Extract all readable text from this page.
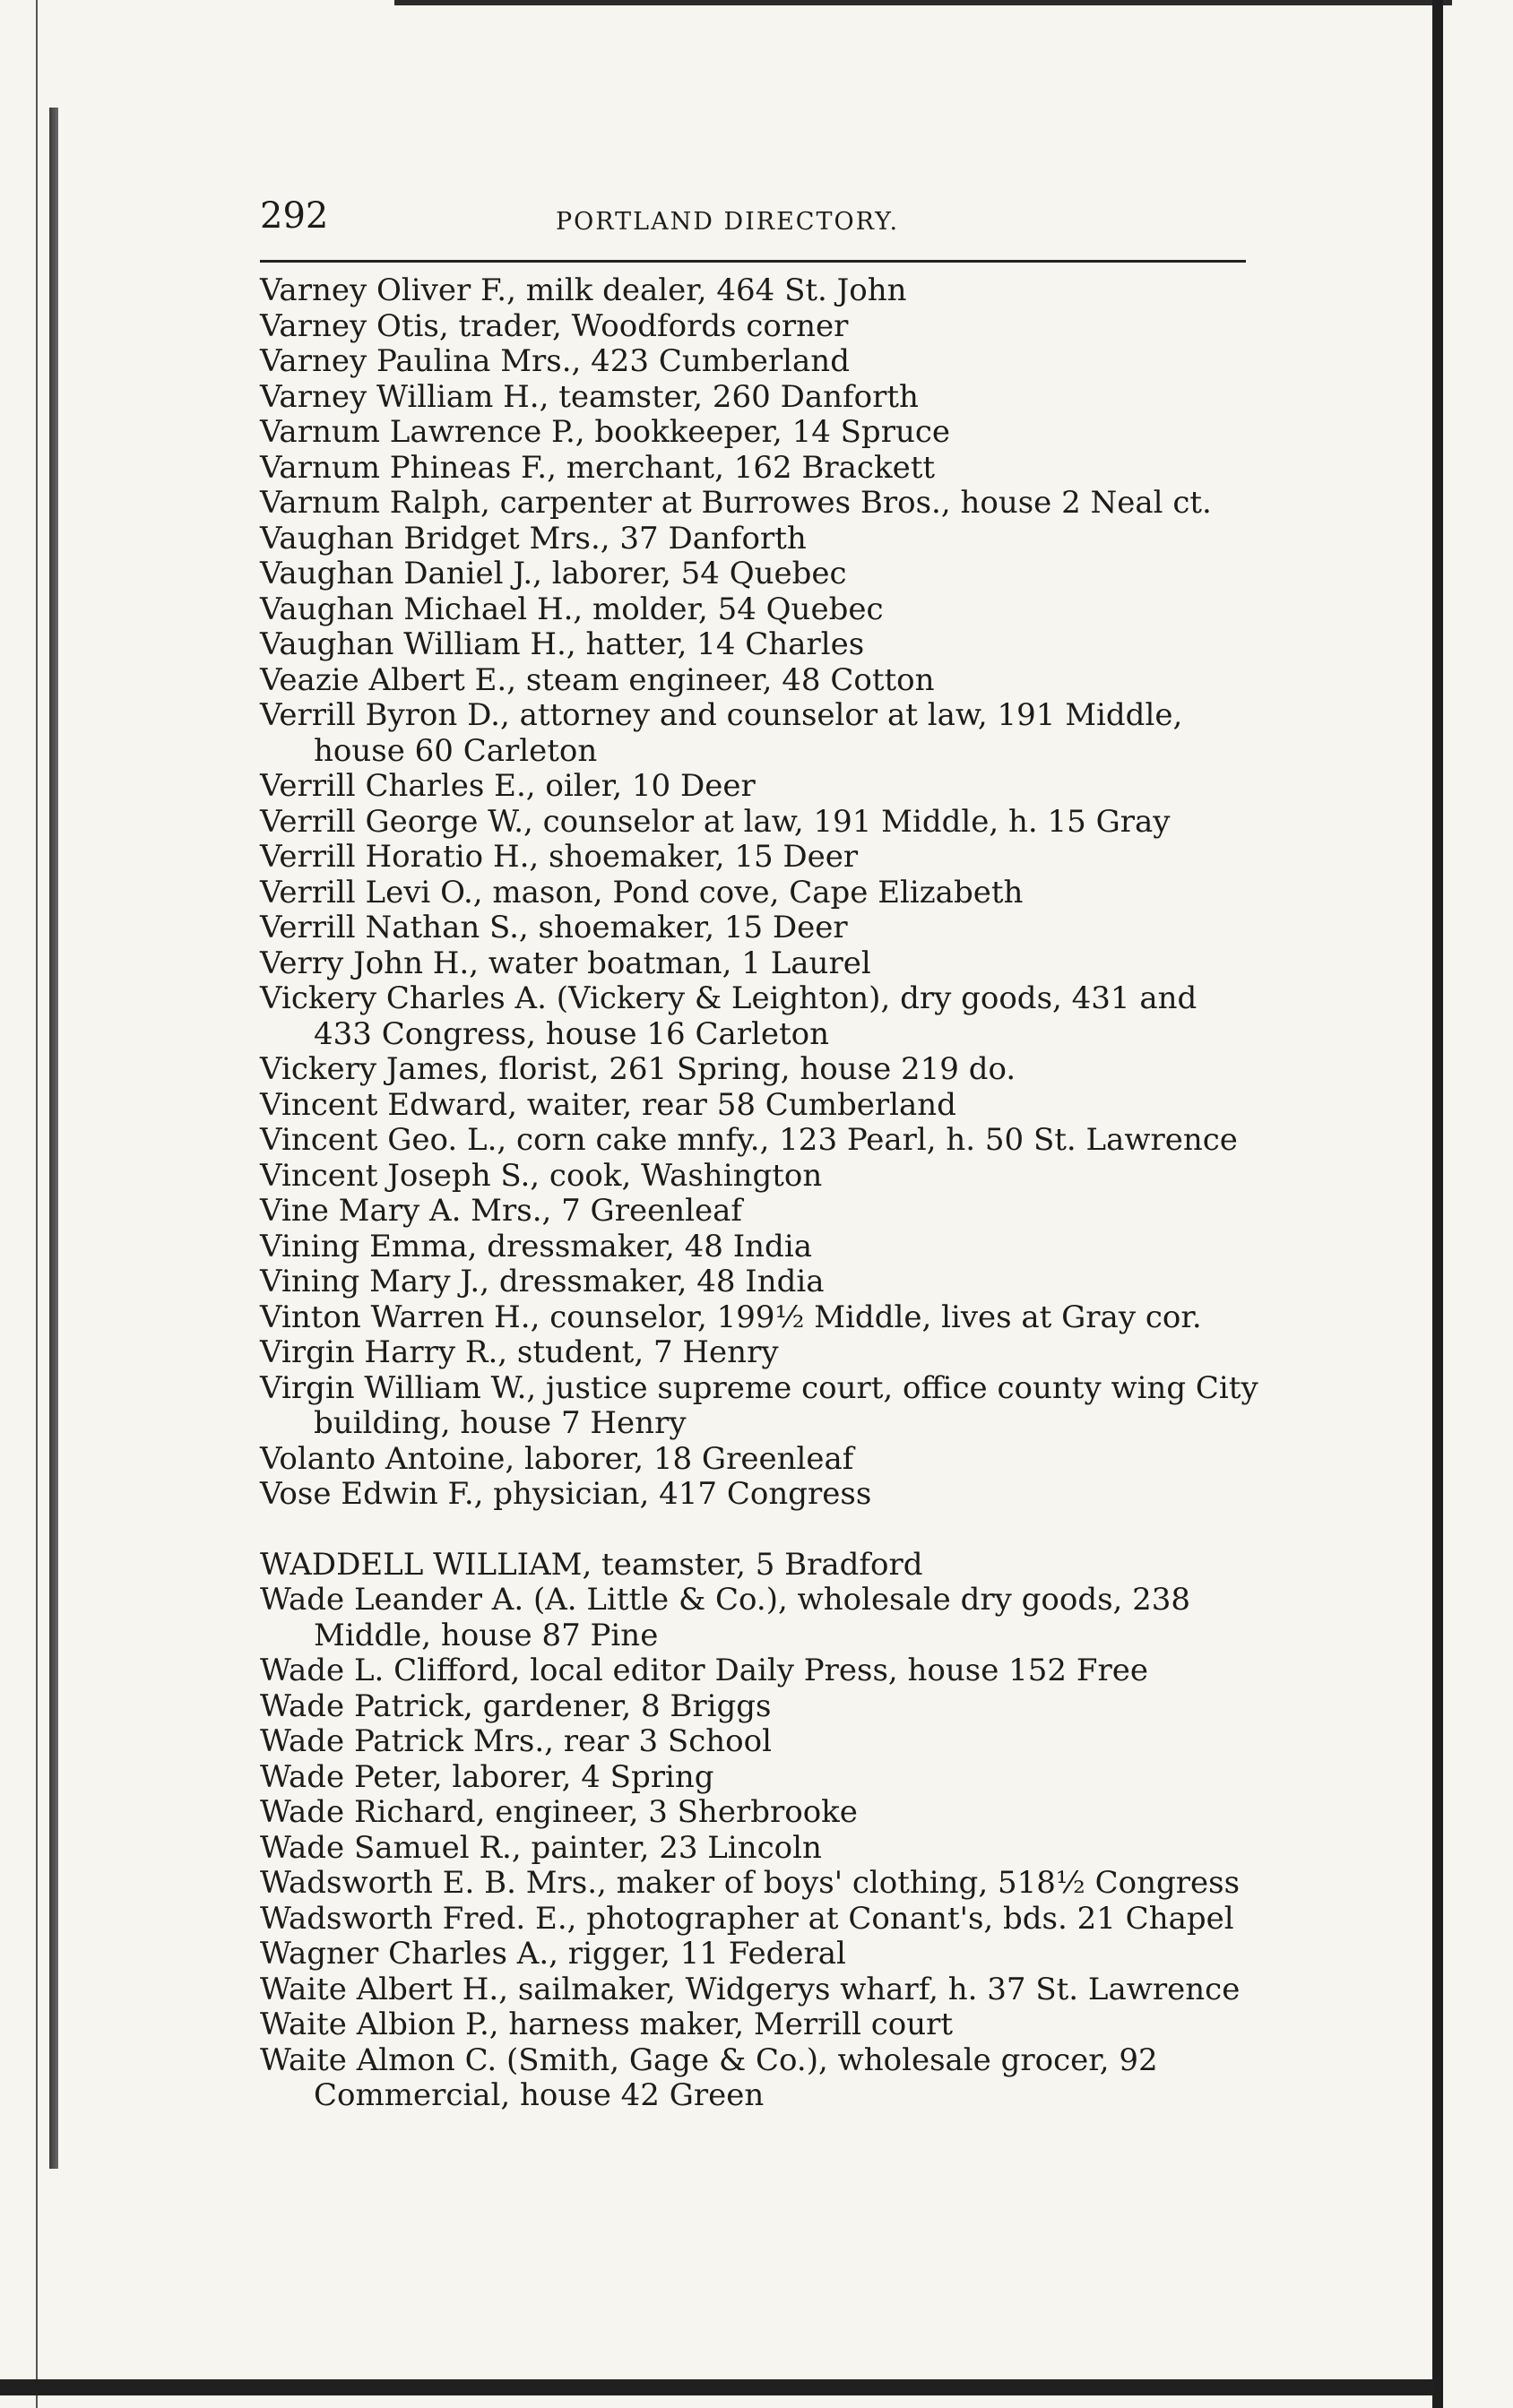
292	PORTLAND DIRECTORY.
Varney Oliver F., milk dealer, 464 St. John
Varney Otis, trader, Woodfords corner
Varney Paulina Mrs., 423 Cumberland
Varney William H., teamster, 260 Danforth
Varnum Lawrence P., bookkeeper, 14 Spruce
Varnum Phineas F., merchant, 162 Brackett
Varnum Ralph, carpenter at Burrowes Bros., house 2 Neal ct.
Vaughan Bridget Mrs., 37 Danforth
Vaughan Daniel J., laborer, 54 Quebec
Vaughan Michael H., molder, 54 Quebec
Vaughan William H., hatter, 14 Charles
Veazie Albert E., steam engineer, 48 Cotton
Verrill Byron D., attorney and counselor at law, 191 Middle, house 60 Carleton
Verrill Charles E., oiler, 10 Deer
Verrill George W., counselor at law, 191 Middle, h. 15 Gray
Verrill Horatio H., shoemaker, 15 Deer
Verrill Levi O., mason, Pond cove, Cape Elizabeth
Verrill Nathan S., shoemaker, 15 Deer
Verry John H., water boatman, 1 Laurel
Vickery Charles A. (Vickery & Leighton), dry goods, 431 and 433 Congress, house 16 Carleton
Vickery James, florist, 261 Spring, house 219 do.
Vincent Edward, waiter, rear 58 Cumberland
Vincent Geo. L., corn cake mnfy., 123 Pearl, h. 50 St. Lawrence
Vincent Joseph S., cook, Washington
Vine Mary A. Mrs., 7 Greenleaf
Vining Emma, dressmaker, 48 India
Vining Mary J., dressmaker, 48 India
Vinton Warren H., counselor, 199½ Middle, lives at Gray cor.
Virgin Harry R., student, 7 Henry
Virgin William W., justice supreme court, office county wing City building, house 7 Henry
Volanto Antoine, laborer, 18 Greenleaf
Vose Edwin F., physician, 417 Congress
WADDELL WILLIAM, teamster, 5 Bradford
Wade Leander A. (A. Little & Co.), wholesale dry goods, 238 Middle, house 87 Pine
Wade L. Clifford, local editor Daily Press, house 152 Free
Wade Patrick, gardener, 8 Briggs
Wade Patrick Mrs., rear 3 School
Wade Peter, laborer, 4 Spring
Wade Richard, engineer, 3 Sherbrooke
Wade Samuel R., painter, 23 Lincoln
Wadsworth E. B. Mrs., maker of boys' clothing, 518½ Congress
Wadsworth Fred. E., photographer at Conant's, bds. 21 Chapel
Wagner Charles A., rigger, 11 Federal
Waite Albert H., sailmaker, Widgerys wharf, h. 37 St. Lawrence
Waite Albion P., harness maker, Merrill court
Waite Almon C. (Smith, Gage & Co.), wholesale grocer, 92 Commercial, house 42 Green
